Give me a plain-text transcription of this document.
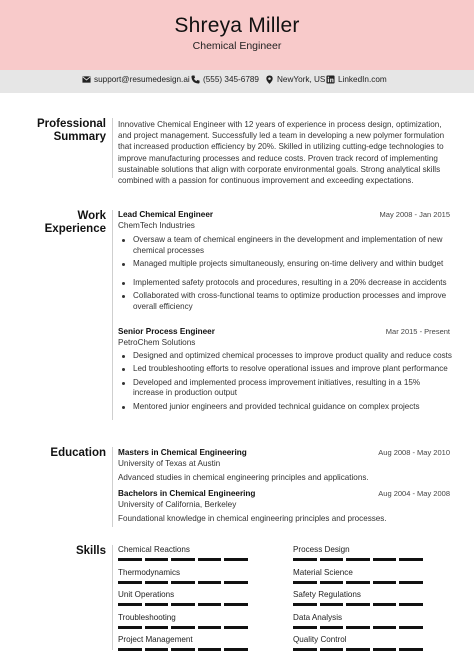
Shreya Miller
Chemical Engineer
support@resumedesign.ai (555) 345-6789 NewYork, US LinkedIn.com
Professional
Summary
Innovative Chemical Engineer with 12 years of experience in process design, optimization, and project management. Successfully led a team in developing a new polymer formulation that increased production efficiency by 20%. Skilled in utilizing cutting-edge technologies to improve manufacturing processes and reduce costs. Proven track record of implementing sustainable solutions that align with corporate environmental goals. Strong analytical skills combined with a passion for continuous improvement and exceeding expectations.
Work
Experience
Lead Chemical Engineer	May 2008 - Jan 2015
ChemTech Industries
Oversaw a team of chemical engineers in the development and implementation of new chemical processes
Managed multiple projects simultaneously, ensuring on-time delivery and within budget
Implemented safety protocols and procedures, resulting in a 20% decrease in accidents
Collaborated with cross-functional teams to optimize production processes and improve overall efficiency
Senior Process Engineer	Mar 2015 - Present
PetroChem Solutions
Designed and optimized chemical processes to improve product quality and reduce costs
Led troubleshooting efforts to resolve operational issues and improve plant performance
Developed and implemented process improvement initiatives, resulting in a 15% increase in production output
Mentored junior engineers and provided technical guidance on complex projects
Education Masters in Chemical Engineering	Aug 2008 - May 2010
University of Texas at Austin
Advanced studies in chemical engineering principles and applications.
Bachelors in Chemical Engineering	Aug 2004 - May 2008
University of California, Berkeley
Foundational knowledge in chemical engineering principles and processes.
Skills Chemical Reactions	Process Design
Thermodynamics	Material Science
Unit Operations	Safety Regulations
Troubleshooting	Data Analysis
Project Management	Quality Control
